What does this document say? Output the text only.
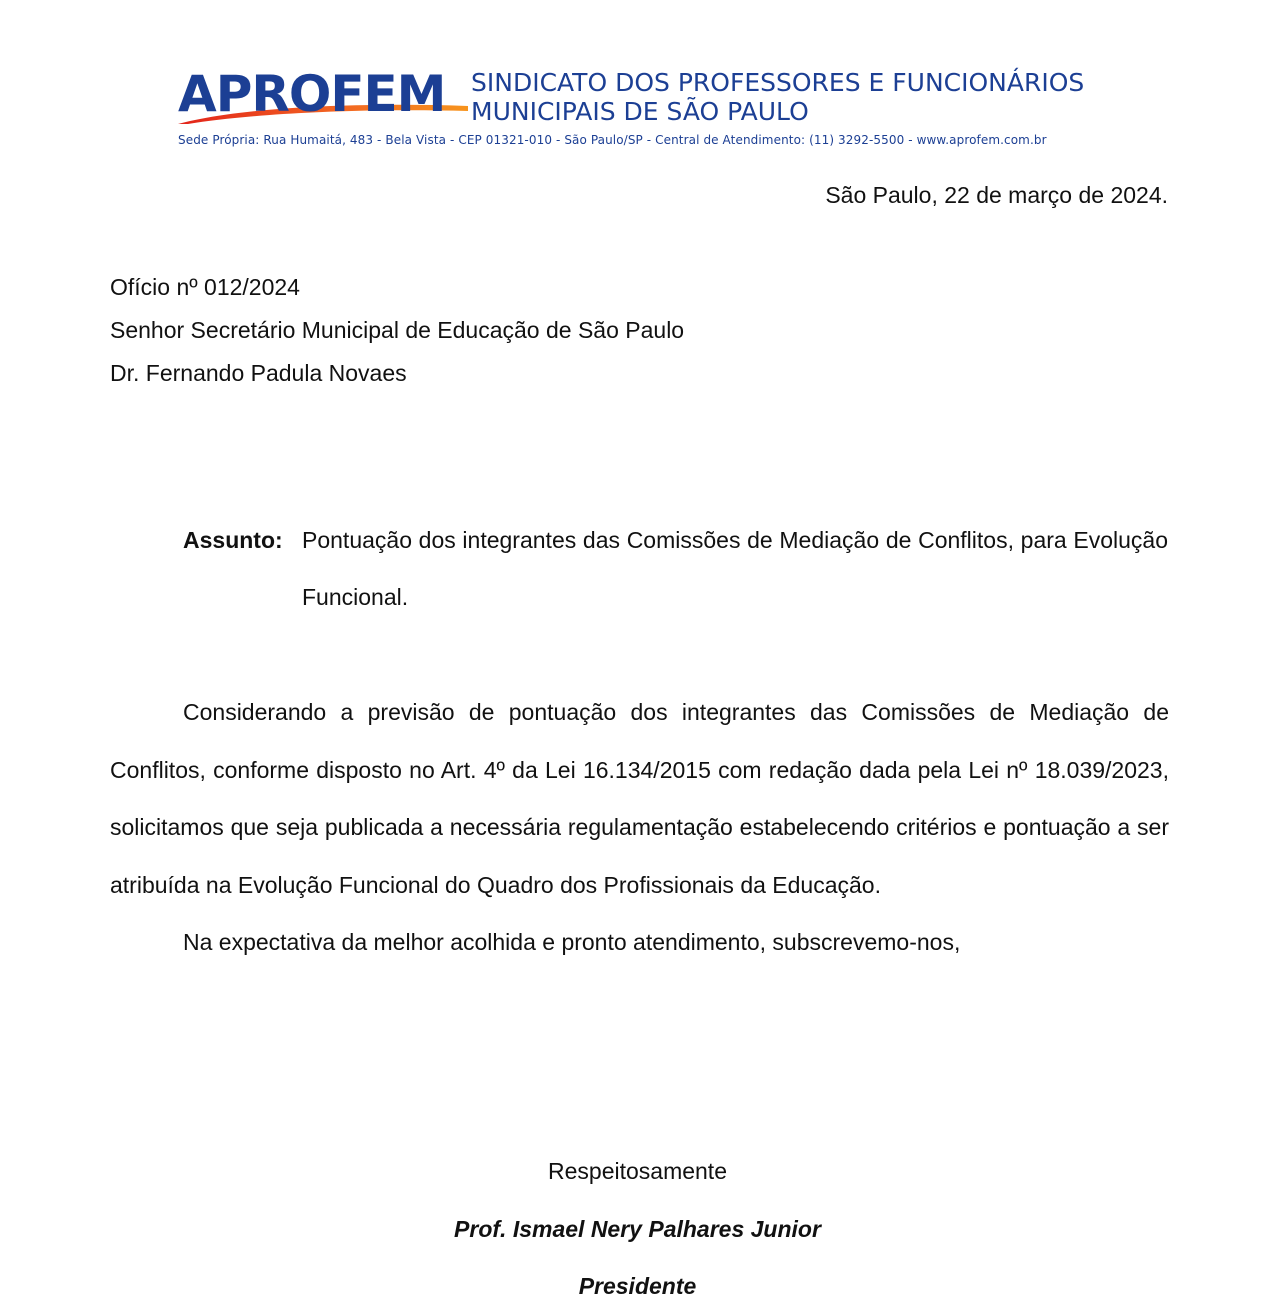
APROFEM SINDICATO DOS PROFESSORES E FUNCIONÁRIOS
MUNICIPAIS DE SÃO PAULO
Sede Própria: Rua Humaitá, 483 - Bela Vista - CEP 01321-010 - São Paulo/SP - Central de Atendimento: (11) 3292-5500 - www.aprofem.com.br
São Paulo, 22 de março de 2024.
Ofício nº 012/2024
Senhor Secretário Municipal de Educação de São Paulo
Dr. Fernando Padula Novaes
Assunto: Pontuação dos integrantes das Comissões de Mediação de Conflitos, para Evolução Funcional.

Considerando a previsão de pontuação dos integrantes das Comissões de Mediação de Conflitos, conforme disposto no Art. 4º da Lei 16.134/2015 com redação dada pela Lei nº 18.039/2023, solicitamos que seja publicada a necessária regulamentação estabelecendo critérios e pontuação a ser atribuída na Evolução Funcional do Quadro dos Profissionais da Educação.

Na expectativa da melhor acolhida e pronto atendimento, subscrevemo-nos,

Respeitosamente
Prof. Ismael Nery Palhares Junior
Presidente
